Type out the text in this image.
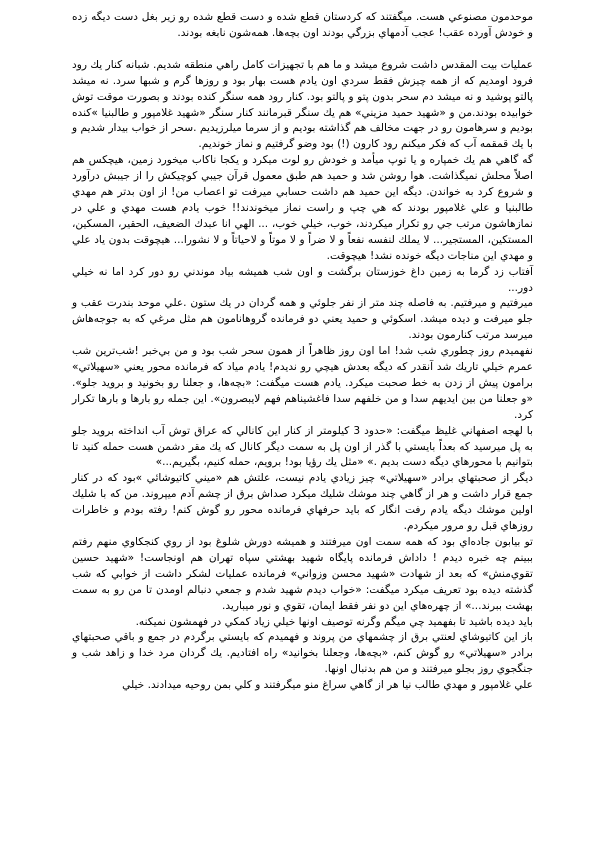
موحدمون مصنوعي هست. ميگفتند كه كردستان قطع شده و دست قطع شده رو زير بغل دست ديگه زده و خودش آورده عقب! عجب آدمهاي بزرگي بودند اون بچه‌ها. همه‌شون نابغه بودند.

عمليات بيت المقدس داشت شروع ميشد و ما هم با تجهيزات كامل راهي منطقه شديم. شبانه كنار يك رود فرود اومديم كه از همه چيزش فقط سردي اون يادم هست بهار بود و روزها گرم و شبها سرد. نه ميشد پالتو پوشيد و نه ميشد دم سحر بدون پتو و پالتو بود. كنار رود همه سنگر كنده بودند و بصورت موقت توش خوابيده بودند.من و «شهيد حميد مزيني» هم يك سنگر قبرمانند كنار سنگر «شهيد غلامپور و طالبنيا »كنده بوديم و سرهامون رو در جهت مخالف هم گذاشته بوديم و از سرما ميلرزيديم .سحر از خواب بيدار شديم و با يك قمقمه آب كه فكر ميكنم رود كارون (!) بود وضو گرفتيم و نماز خونديم.

گه گاهي هم يك خمپاره و يا توپ ميأمد و خودش رو لوت ميكرد و يكجا ناكاب ميخورد زمين، هيچكس هم اصلاً محلش نميگذاشت. هوا روشن شد و حميد هم طبق معمول قرآن جيبي كوچيكش را از جيبش درآورد و شروع كرد به خواندن. ديگه اين حميد هم داشت حسابي ميرفت تو اعصاب من! از اون بدتر هم مهدي طالبنيا و علي غلامپور بودند كه هي چپ و راست نماز ميخوندند!! خوب يادم هست مهدي و علي در نمازهاشون مرتب جي رو تكرار ميكردند، خوب، خيلي خوب، ... الهي انا عبدك الضعيف، الحقير، المسكين، المستكين، المستجير... لا يملك لنفسه نفعاً و لا ضراً و لا موتاً و لاحياتاً و لا نشورا... هيچوقت بدون ياد علي و مهدي اين مناجات ديگه خونده نشد! هيچوقت.

آفتاب زد گرما به زمين داغ خوزستان برگشت و اون شب هميشه بياد موندني رو دور كرد اما نه خيلي دور...

ميرفتيم و ميرفتيم. به فاصله چند متر از نفر جلوئي و همه گردان در يك ستون .علي موحد بندرت عقب و جلو ميرفت و ديده ميشد. اسكوئي و حميد يعني دو فرمانده گروهانامون هم مثل مرغي كه به جوجه‌هاش ميرسد مرتب كنارمون بودند.

نفهميدم روز چطوري شب شد! اما اون روز ظاهراً از همون سحر شب بود و من بي‌خبر !شب‌ترين شب عمرم خيلي تاريك شد آنقدر كه ديگه بعدش هيچي رو نديدم! يادم مياد كه فرمانده محور يعني «سهيلاتي» برامون پيش از زدن به خط صحبت ميكرد. يادم هست ميگفت: «بچه‌ها، و جعلنا رو بخونيد و برويد جلو». «و جعلنا من بين ايديهم سدا و من خلفهم سدا فاغشيناهم فهم لايبصرون». اين جمله رو بارها و بارها تكرار كرد.

با لهجه اصفهاني غليظ ميگفت: «حدود 3 كيلومتر از كنار اين كانالي كه عراق توش آب انداخته برويد جلو به پل ميرسيد كه بعداً بايستي با گذر از اون پل به سمت ديگر كانال كه يك مقر دشمن هست حمله كنيد تا بتوانيم با محورهاي ديگه دست بديم .» «مثل يك رؤيا بود! برويم، حمله كنيم، بگيريم...»

ديگر از صحبتهاي برادر «سهيلاتي» چيز زيادي يادم نيست، علتش هم «ميني كاتيوشائي »بود كه در كنار جمع قرار داشت و هر از گاهي چند موشك شليك ميكرد صداش برق از چشم آدم ميپروند. من كه با شليك اولين موشك ديگه يادم رفت انگار كه بايد حرفهاي فرمانده محور رو گوش كنم! رفته بودم و خاطرات روزهاي قبل رو مرور ميكردم.

تو بيابون جاده‌اي بود كه همه سمت اون ميرفتند و هميشه دورش شلوغ بود از روي كنجكاوي منهم رفتم ببينم چه خبره ديدم ! داداش فرمانده پايگاه شهيد بهشتي سپاه تهران هم اونجاست! «شهيد حسين تقوي‌منش» كه بعد از شهادت «شهيد محسن وزواني» فرمانده عمليات لشكر داشت از خوابي كه شب گذشته ديده بود تعريف ميكرد ميگفت: «خواب ديدم شهيد شدم و جمعي دنبالم اومدن تا من رو به سمت بهشت ببرند...» از چهره‌هاي اين دو نفر فقط ايمان، تقوي و نور ميباريد.

بايد ديده باشيد تا بفهميد چي ميگم وگرنه توصيف اونها خيلي زياد كمكي در فهمشون نميكنه.

باز اين كاتيوشاي لعنتي برق از چشمهاي من پروند و فهميدم كه بايستي برگردم در جمع و باقي صحبتهاي برادر «سهيلاتي» رو گوش كنم، «بچه‌ها، وجعلنا بخوانيد» راه افتاديم. يك گردان مرد خدا و زاهد شب و جنگجوي روز بجلو ميرفتند و من هم بدنبال اونها.

علي غلامپور و مهدي طالب نيا هر از گاهي سراغ منو ميگرفتند و كلي بمن روحيه ميدادند. خيلي
